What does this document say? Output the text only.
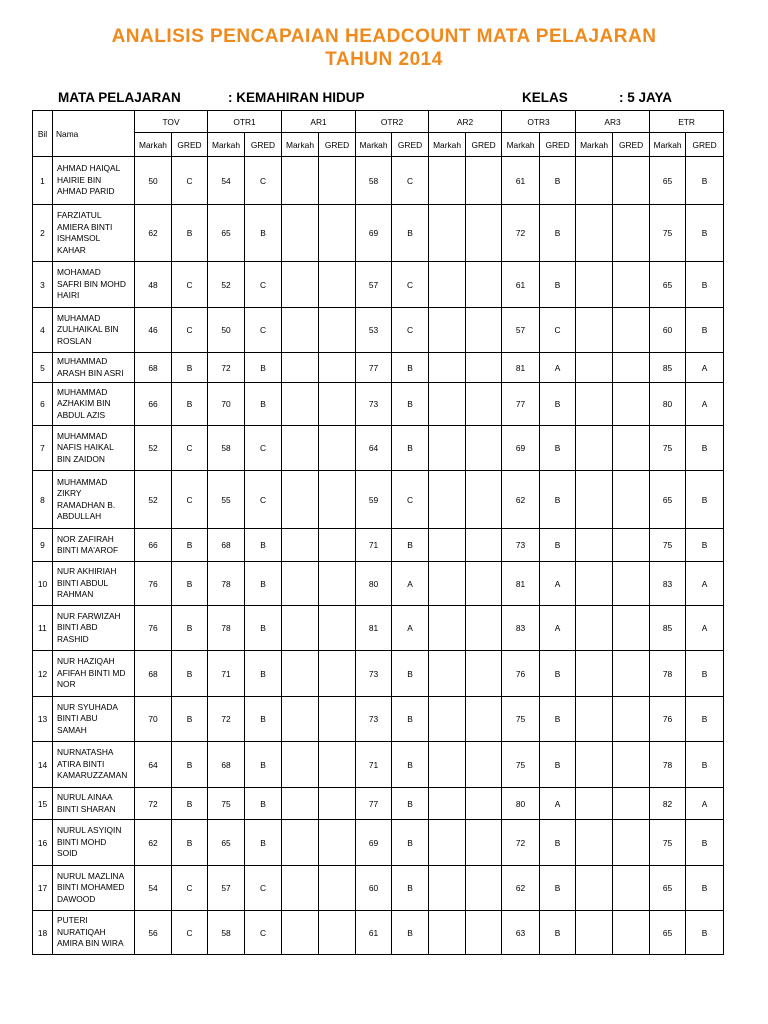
ANALISIS PENCAPAIAN HEADCOUNT MATA PELAJARAN
TAHUN 2014
MATA PELAJARAN	: KEMAHIRAN HIDUP	KELAS	: 5 JAYA
Bil	Nama	TOV		OTR1		AR1		OTR2		AR2		OTR3		AR3		ETR	
		Markah	GRED	Markah	GRED	Markah	GRED	Markah	GRED	Markah	GRED	Markah	GRED	Markah	GRED	Markah	GRED
1	AHMAD HAIQAL
HAIRIE BIN
AHMAD PARID	50	C	54	C			58	C			61	B			65	B
2	FARZIATUL
AMIERA BINTI
ISHAMSOL
KAHAR	62	B	65	B			69	B			72	B			75	B
3	MOHAMAD
SAFRI BIN MOHD
HAIRI	48	C	52	C			57	C			61	B			65	B
4	MUHAMAD
ZULHAIKAL BIN
ROSLAN	46	C	50	C			53	C			57	C			60	B
5	MUHAMMAD
ARASH BIN ASRI	68	B	72	B			77	B			81	A			85	A
6	MUHAMMAD
AZHAKIM BIN
ABDUL AZIS	66	B	70	B			73	B			77	B			80	A
7	MUHAMMAD
NAFIS HAIKAL
BIN ZAIDON	52	C	58	C			64	B			69	B			75	B
8	MUHAMMAD
ZIKRY
RAMADHAN B.
ABDULLAH	52	C	55	C			59	C			62	B			65	B
9	NOR ZAFIRAH
BINTI MA'AROF	66	B	68	B			71	B			73	B			75	B
10	NUR AKHIRIAH
BINTI ABDUL
RAHMAN	76	B	78	B			80	A			81	A			83	A
11	NUR FARWIZAH
BINTI ABD
RASHID	76	B	78	B			81	A			83	A			85	A
12	NUR HAZIQAH
AFIFAH BINTI MD
NOR	68	B	71	B			73	B			76	B			78	B
13	NUR SYUHADA
BINTI ABU
SAMAH	70	B	72	B			73	B			75	B			76	B
14	NURNATASHA
ATIRA BINTI
KAMARUZZAMAN	64	B	68	B			71	B			75	B			78	B
15	NURUL AINAA
BINTI SHARAN	72	B	75	B			77	B			80	A			82	A
16	NURUL ASYIQIN
BINTI MOHD
SOID	62	B	65	B			69	B			72	B			75	B
17	NURUL MAZLINA
BINTI MOHAMED
DAWOOD	54	C	57	C			60	B			62	B			65	B
18	PUTERI
NURATIQAH
AMIRA BIN WIRA	56	C	58	C			61	B			63	B			65	B
